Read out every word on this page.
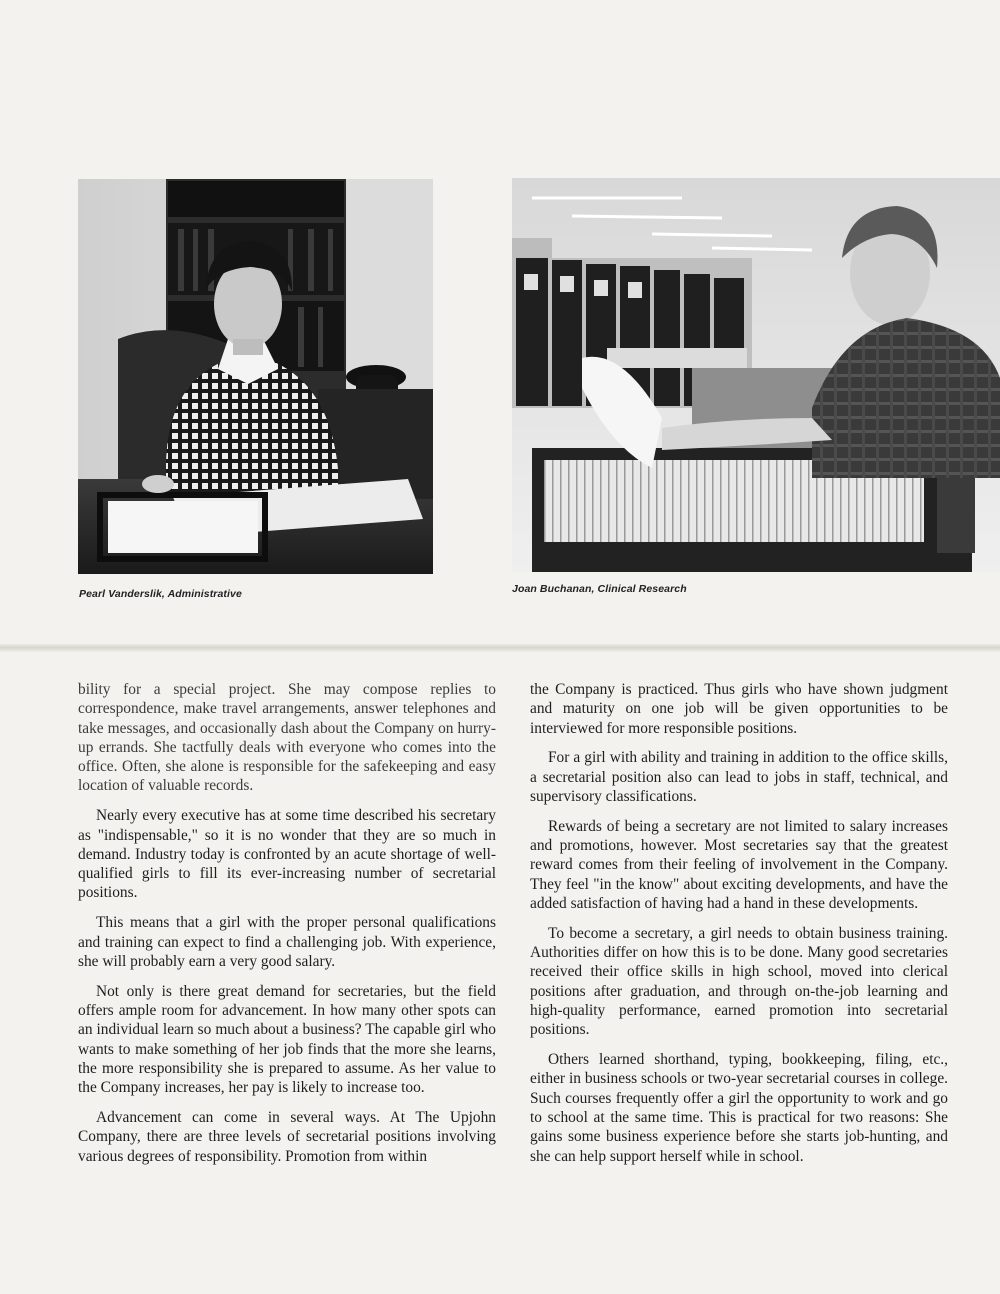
Pearl Vanderslik, Administrative	Joan Buchanan, Clinical Research

bility for a special project. She may compose replies to correspondence, make travel arrangements, answer telephones and take messages, and occasionally dash about the Company on hurry-up errands. She tactfully deals with everyone who comes into the office. Often, she alone is responsible for the safekeeping and easy location of valuable records.

Nearly every executive has at some time described his secretary as "indispensable," so it is no wonder that they are so much in demand. Industry today is confronted by an acute shortage of well-qualified girls to fill its ever-increasing number of secretarial positions.

This means that a girl with the proper personal qualifications and training can expect to find a challenging job. With experience, she will probably earn a very good salary.

Not only is there great demand for secretaries, but the field offers ample room for advancement. In how many other spots can an individual learn so much about a business? The capable girl who wants to make something of her job finds that the more she learns, the more responsibility she is prepared to assume. As her value to the Company increases, her pay is likely to increase too.

Advancement can come in several ways. At The Upjohn Company, there are three levels of secretarial positions involving various degrees of responsibility. Promotion from within

the Company is practiced. Thus girls who have shown judgment and maturity on one job will be given opportunities to be interviewed for more responsible positions.

For a girl with ability and training in addition to the office skills, a secretarial position also can lead to jobs in staff, technical, and supervisory classifications.

Rewards of being a secretary are not limited to salary increases and promotions, however. Most secretaries say that the greatest reward comes from their feeling of involvement in the Company. They feel "in the know" about exciting developments, and have the added satisfaction of having had a hand in these developments.

To become a secretary, a girl needs to obtain business training. Authorities differ on how this is to be done. Many good secretaries received their office skills in high school, moved into clerical positions after graduation, and through on-the-job learning and high-quality performance, earned promotion into secretarial positions.

Others learned shorthand, typing, bookkeeping, filing, etc., either in business schools or two-year secretarial courses in college. Such courses frequently offer a girl the opportunity to work and go to school at the same time. This is practical for two reasons: She gains some business experience before she starts job-hunting, and she can help support herself while in school.
